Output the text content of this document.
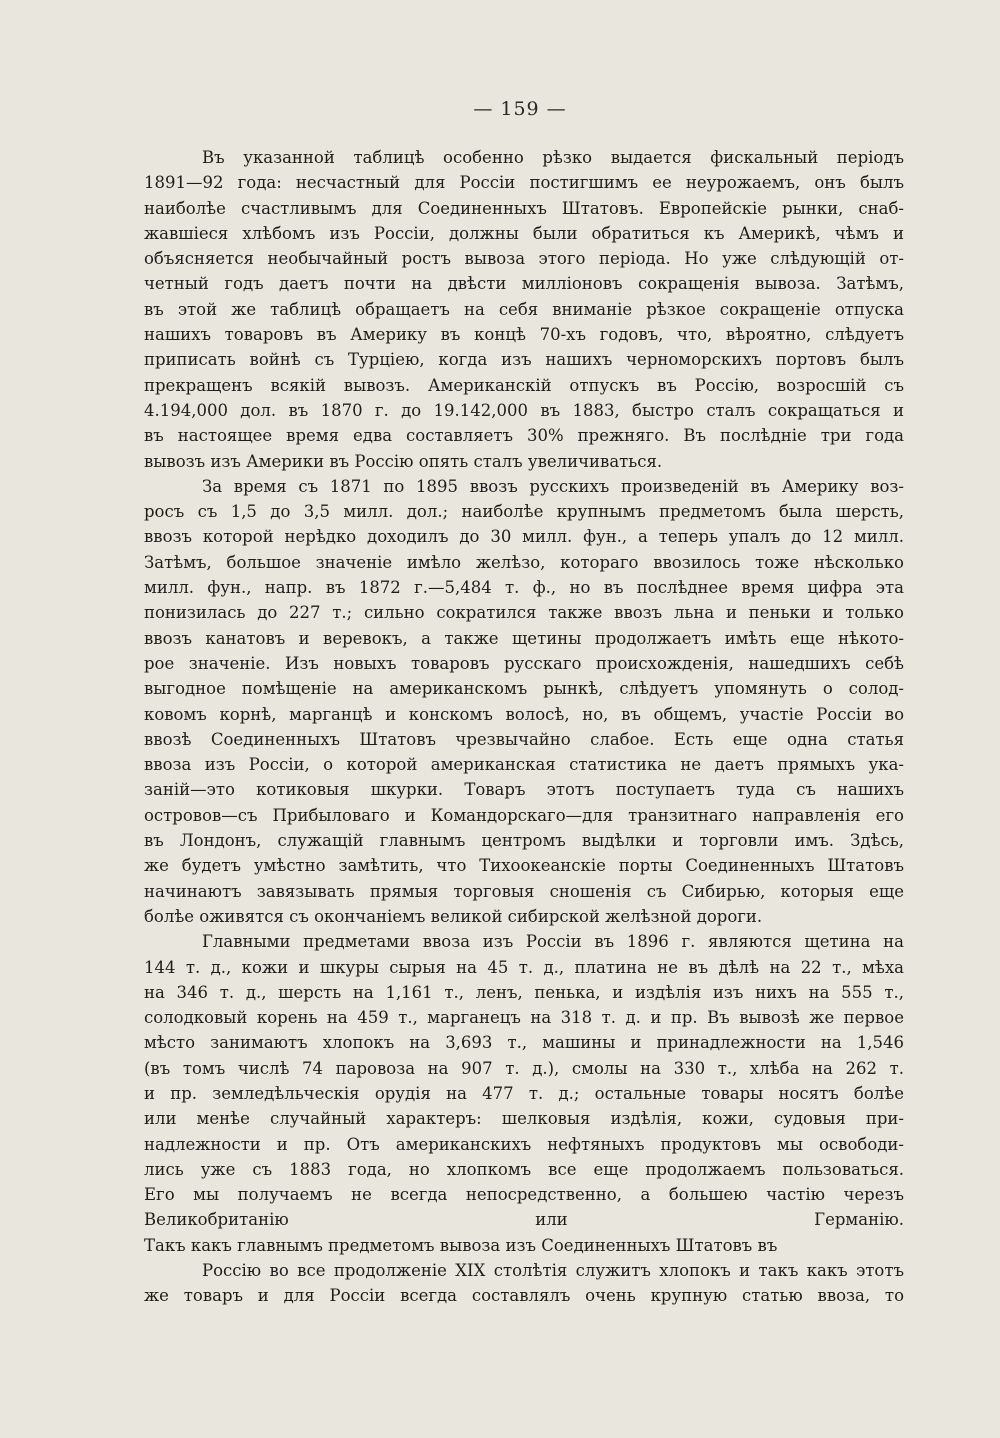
— 159 —
Въ указанной таблицѣ особенно рѣзко выдается фискальный періодъ
1891—92 года: несчастный для Россіи постигшимъ ее неурожаемъ, онъ былъ
наиболѣе счастливымъ для Соединенныхъ Штатовъ. Европейскіе рынки, снаб-
жавшіеся хлѣбомъ изъ Россіи, должны были обратиться къ Америкѣ, чѣмъ и
объясняется необычайный ростъ вывоза этого періода. Но уже слѣдующій от-
четный годъ даетъ почти на двѣсти милліоновъ сокращенія вывоза. Затѣмъ,
въ этой же таблицѣ обращаетъ на себя вниманіе рѣзкое сокращеніе отпуска
нашихъ товаровъ въ Америку въ концѣ 70-хъ годовъ, что, вѣроятно, слѣдуетъ
приписать войнѣ съ Турціею, когда изъ нашихъ черноморскихъ портовъ былъ
прекращенъ всякій вывозъ. Американскій отпускъ въ Россію, возросшій съ
4.194,000 дол. въ 1870 г. до 19.142,000 въ 1883, быстро сталъ сокращаться и
въ настоящее время едва составляетъ 30% прежняго. Въ послѣдніе три года
вывозъ изъ Америки въ Россію опять сталъ увеличиваться.
За время съ 1871 по 1895 ввозъ русскихъ произведеній въ Америку воз-
росъ съ 1,5 до 3,5 милл. дол.; наиболѣе крупнымъ предметомъ была шерсть,
ввозъ которой нерѣдко доходилъ до 30 милл. фун., а теперь упалъ до 12 милл.
Затѣмъ, большое значеніе имѣло желѣзо, котораго ввозилось тоже нѣсколько
милл. фун., напр. въ 1872 г.—5,484 т. ф., но въ послѣднее время цифра эта
понизилась до 227 т.; сильно сократился также ввозъ льна и пеньки и только
ввозъ канатовъ и веревокъ, а также щетины продолжаетъ имѣть еще нѣкото-
рое значеніе. Изъ новыхъ товаровъ русскаго происхожденія, нашедшихъ себѣ
выгодное помѣщеніе на американскомъ рынкѣ, слѣдуетъ упомянуть о солод-
ковомъ корнѣ, марганцѣ и конскомъ волосѣ, но, въ общемъ, участіе Россіи во
ввозѣ Соединенныхъ Штатовъ чрезвычайно слабое. Есть еще одна статья
ввоза изъ Россіи, о которой американская статистика не даетъ прямыхъ ука-
заній—это котиковыя шкурки. Товаръ этотъ поступаетъ туда съ нашихъ
островов—съ Прибыловаго и Командорскаго—для транзитнаго направленія его
въ Лондонъ, служащій главнымъ центромъ выдѣлки и торговли имъ. Здѣсь,
же будетъ умѣстно замѣтить, что Тихоокеанскіе порты Соединенныхъ Штатовъ
начинаютъ завязывать прямыя торговыя сношенія съ Сибирью, которыя еще
болѣе оживятся съ окончаніемъ великой сибирской желѣзной дороги.
Главными предметами ввоза изъ Россіи въ 1896 г. являются щетина на
144 т. д., кожи и шкуры сырыя на 45 т. д., платина не въ дѣлѣ на 22 т., мѣха
на 346 т. д., шерсть на 1,161 т., ленъ, пенька, и издѣлія изъ нихъ на 555 т.,
солодковый корень на 459 т., марганецъ на 318 т. д. и пр. Въ вывозѣ же первое
мѣсто занимаютъ хлопокъ на 3,693 т., машины и принадлежности на 1,546
(въ томъ числѣ 74 паровоза на 907 т. д.), смолы на 330 т., хлѣба на 262 т.
и пр. земледѣльческія орудія на 477 т. д.; остальные товары носятъ болѣе
или менѣе случайный характеръ: шелковыя издѣлія, кожи, судовыя при-
надлежности и пр. Отъ американскихъ нефтяныхъ продуктовъ мы освободи-
лись уже съ 1883 года, но хлопкомъ все еще продолжаемъ пользоваться.
Его мы получаемъ не всегда непосредственно, а большею частію черезъ
Великобританію или Германію.
Такъ какъ главнымъ предметомъ вывоза изъ Соединенныхъ Штатовъ въ
Россію во все продолженіе XIX столѣтія служитъ хлопокъ и такъ какъ этотъ
же товаръ и для Россіи всегда составлялъ очень крупную статью ввоза, то
